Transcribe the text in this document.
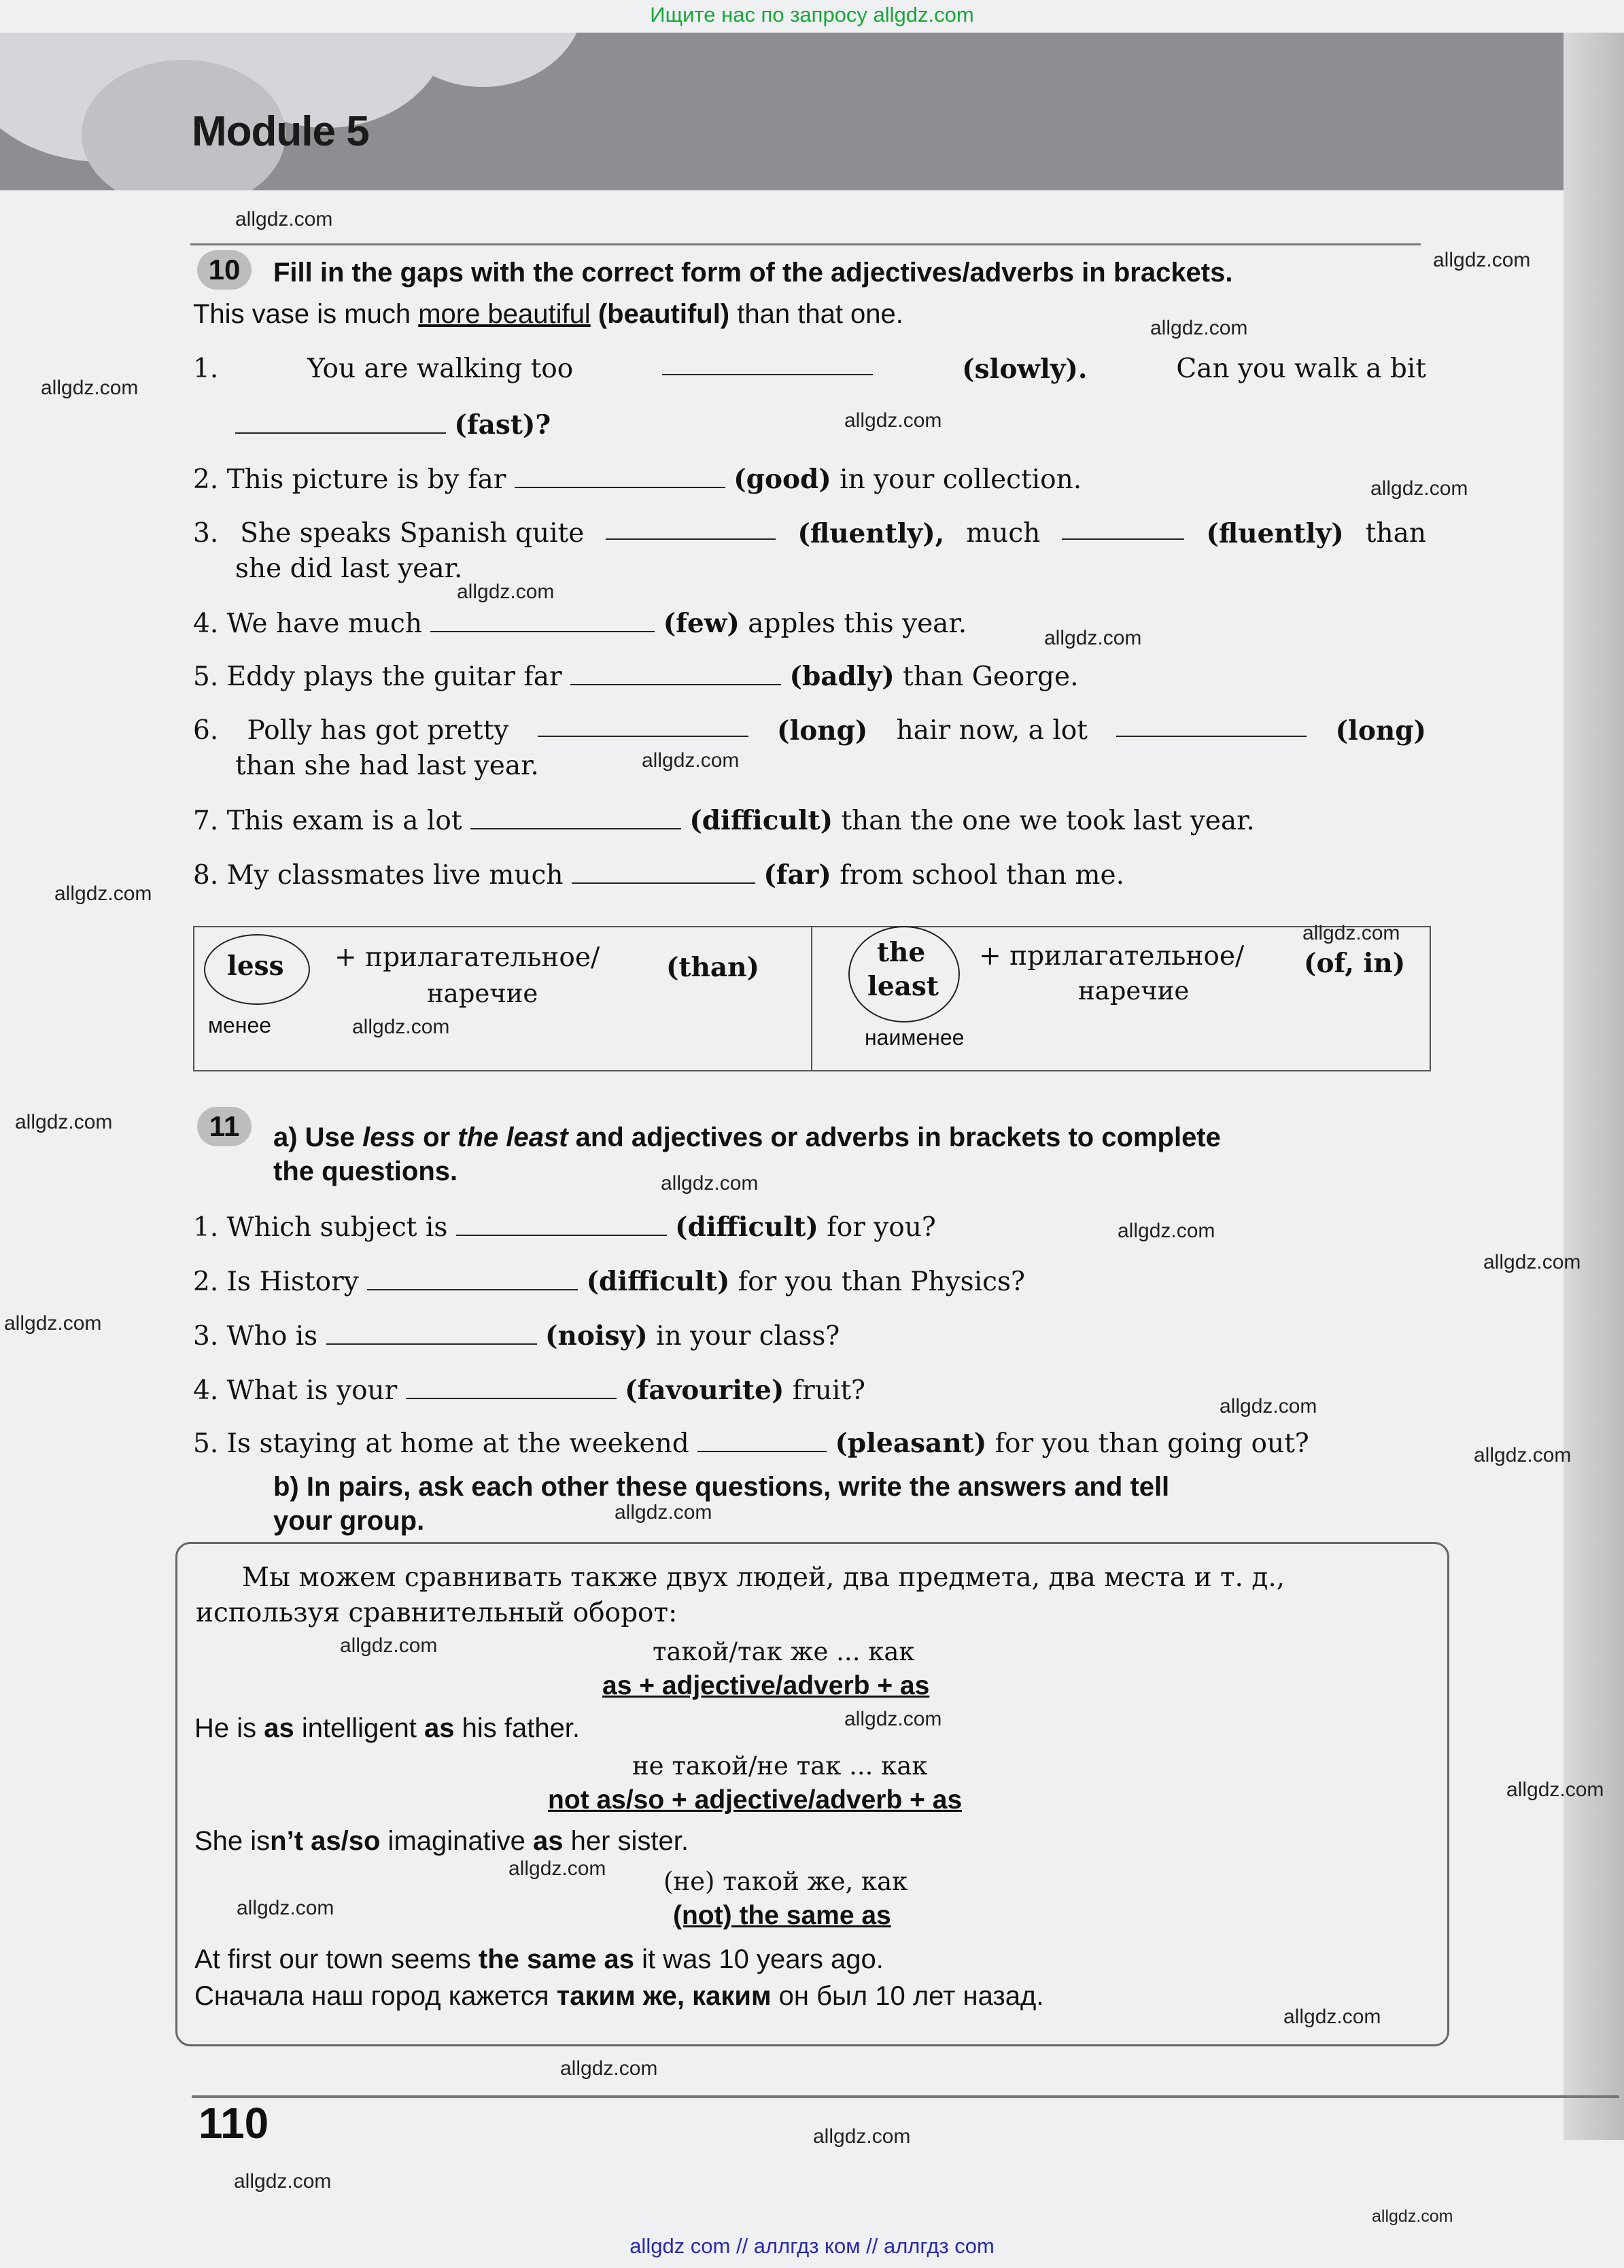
Ищите нас по запросу allgdz.com
Module 5
10	Fill in the gaps with the correct form of the adjectives/adverbs in brackets.
This vase is much more beautiful (beautiful) than that one.
1.	You are walking too	(slowly).	Can you walk a bit
(fast)?
2. This picture is by far	(good) in your collection.
3. She speaks Spanish quite	(fluently), much	(fluently) than
she did last year.
4. We have much	(few) apples this year.
5. Eddy plays the guitar far	(badly) than George.
6. Polly has got pretty	(long) hair now, a lot	(long)
than she had last year.
7. This exam is a lot	(difficult) than the one we took last year.
8. My classmates live much	(far) from school than me.
less + прилагательное/
наречие
(than)
менее
the
least
+ прилагательное/
наречие
(of, in)
наименее
11	a) Use less or the least and adjectives or adverbs in brackets to complete
the questions.
1. Which subject is	(difficult) for you?
2. Is History	(difficult) for you than Physics?
3. Who is	(noisy) in your class?
4. What is your	(favourite) fruit?
5. Is staying at home at the weekend	(pleasant) for you than going out?
b) In pairs, ask each other these questions, write the answers and tell
your group.
Мы можем сравнивать также двух людей, два предмета, два места и т. д.,
используя сравнительный оборот:
такой/так же ... как
as + adjective/adverb + as
He is as intelligent as his father.
не такой/не так ... как
not as/so + adjective/adverb + as
She isn’t as/so imaginative as her sister.
(не) такой же, как
(not) the same as
At first our town seems the same as it was 10 years ago.
Сначала наш город кажется таким же, каким он был 10 лет назад.
allgdz.com
allgdz.com
allgdz.com
allgdz.com
allgdz.com
allgdz.com
allgdz.com
allgdz.com
allgdz.com
allgdz.com
allgdz.com
allgdz.com
allgdz.com
allgdz.com
allgdz.com
allgdz.com
allgdz.com
allgdz.com
allgdz.com
allgdz.com
allgdz.com
allgdz.com
allgdz.com
allgdz.com
allgdz.com
allgdz.com
allgdz.com
allgdz.com
allgdz.com
allgdz.com
110
allgdz com // аллгдз ком // аллгдз com
